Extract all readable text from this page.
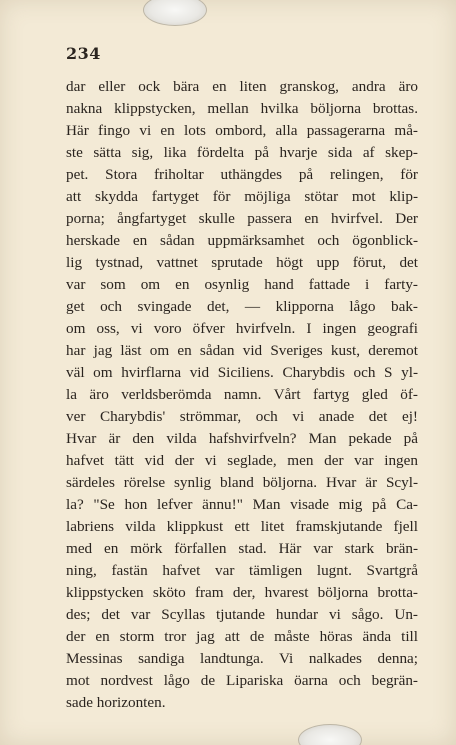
234
dar eller ock bära en liten granskog, andra äro
nakna klippstycken, mellan hvilka böljorna brottas.
Här fingo vi en lots ombord, alla passagerarna må-
ste sätta sig, lika fördelta på hvarje sida af skep-
pet. Stora friholtar uthängdes på relingen, för
att skydda fartyget för möjliga stötar mot klip-
porna; ångfartyget skulle passera en hvirfvel. Der
herskade en sådan uppmärksamhet och ögonblick-
lig tystnad, vattnet sprutade högt upp förut, det
var som om en osynlig hand fattade i farty-
get och svingade det, — klipporna lågo bak-
om oss, vi voro öfver hvirfveln. I ingen geografi
har jag läst om en sådan vid Sveriges kust, deremot
väl om hvirflarna vid Siciliens. Charybdis och S yl-
la äro verldsberömda namn. Vårt fartyg gled öf-
ver Charybdis' strömmar, och vi anade det ej!
Hvar är den vilda hafshvirfveln? Man pekade på
hafvet tätt vid der vi seglade, men der var ingen
särdeles rörelse synlig bland böljorna. Hvar är Scyl-
la? "Se hon lefver ännu!" Man visade mig på Ca-
labriens vilda klippkust ett litet framskjutande fjell
med en mörk förfallen stad. Här var stark brän-
ning, fastän hafvet var tämligen lugnt. Svartgrå
klippstycken sköto fram der, hvarest böljorna brotta-
des; det var Scyllas tjutande hundar vi sågo. Un-
der en storm tror jag att de måste höras ända till
Messinas sandiga landtunga. Vi nalkades denna;
mot nordvest lågo de Lipariska öarna och begrän-
sade horizonten.
